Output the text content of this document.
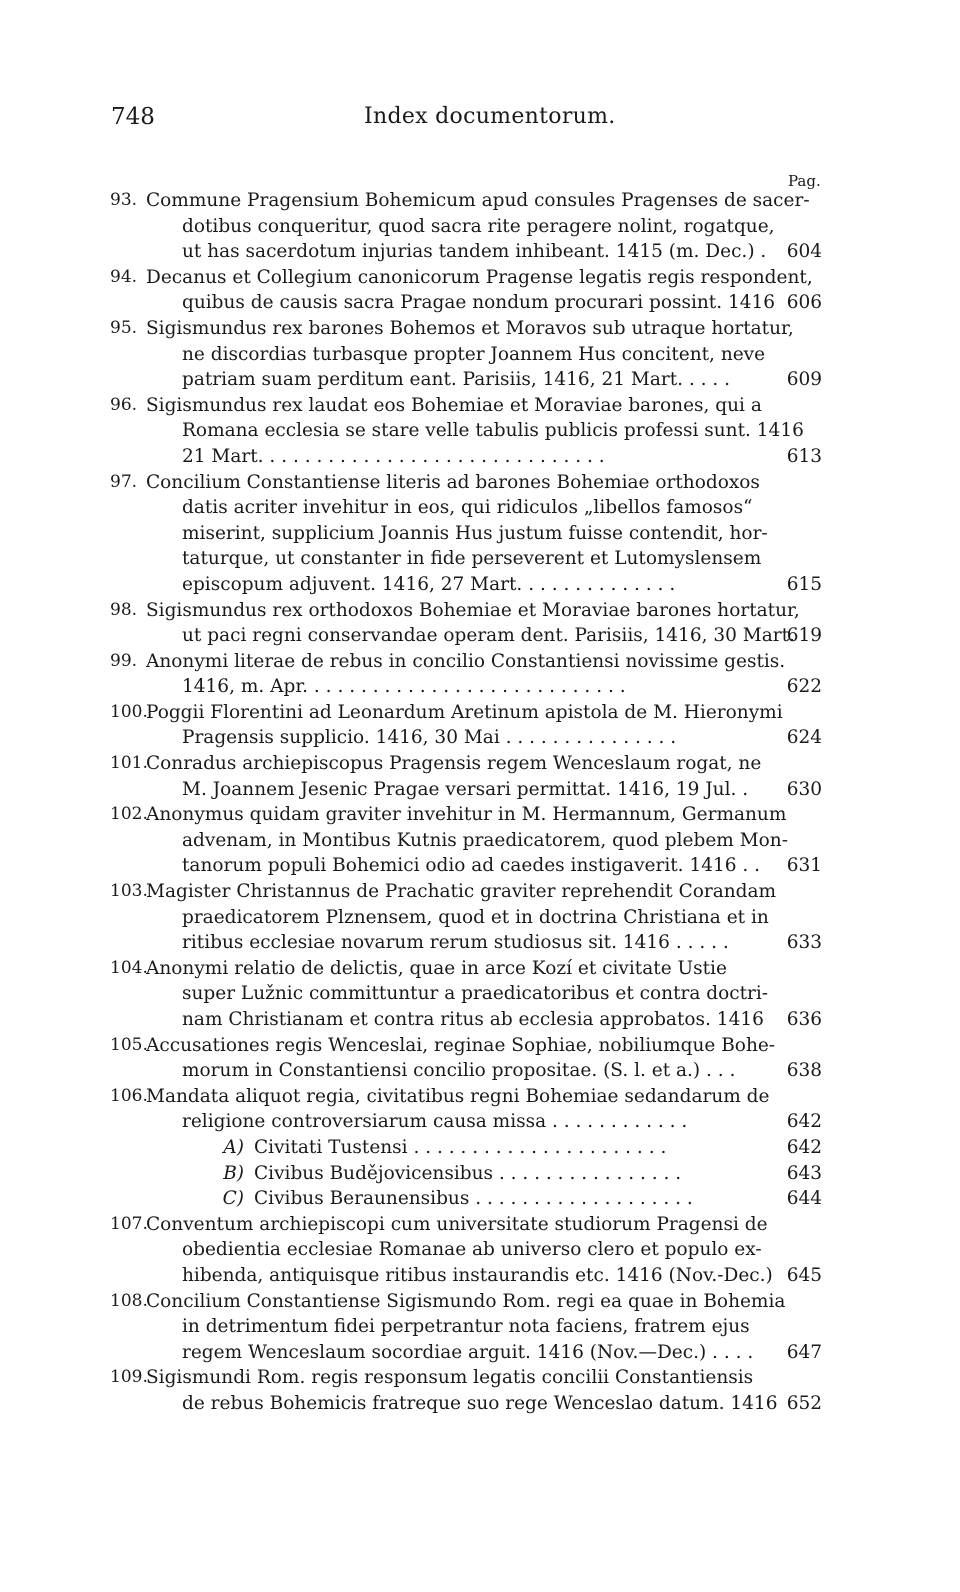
748	Index documentorum.
Pag.
93. Commune Pragensium Bohemicum apud consules Pragenses de sacer-
dotibus conqueritur, quod sacra rite peragere nolint, rogatque,
ut has sacerdotum injurias tandem inhibeant. 1415 (m. Dec.) .	604
94. Decanus et Collegium canonicorum Pragense legatis regis respondent,
quibus de causis sacra Pragae nondum procurari possint. 1416 606
95. Sigismundus rex barones Bohemos et Moravos sub utraque hortatur,
ne discordias turbasque propter Joannem Hus concitent, neve
patriam suam perditum eant. Parisiis, 1416, 21 Mart. . . . .	609
96. Sigismundus rex laudat eos Bohemiae et Moraviae barones, qui a
Romana ecclesia se stare velle tabulis publicis professi sunt. 1416
21 Mart. . . . . . . . . . . . . . . . . . . . . . . . . . . . . .	613
97. Concilium Constantiense literis ad barones Bohemiae orthodoxos
datis acriter invehitur in eos, qui ridiculos „libellos famosos“
miserint, supplicium Joannis Hus justum fuisse contendit, hor-
taturque, ut constanter in fide perseverent et Lutomyslensem
episcopum adjuvent. 1416, 27 Mart. . . . . . . . . . . . . .	615
98. Sigismundus rex orthodoxos Bohemiae et Moraviae barones hortatur,
ut paci regni conservandae operam dent. Parisiis, 1416, 30 Mart.
619
99. Anonymi literae de rebus in concilio Constantiensi novissime gestis.
1416, m. Apr. . . . . . . . . . . . . . . . . . . . . . . . . . . .	622
100.
Poggii Florentini ad Leonardum Aretinum apistola de M. Hieronymi
Pragensis supplicio. 1416, 30 Mai . . . . . . . . . . . . . . .	624
101.
Conradus archiepiscopus Pragensis regem Wenceslaum rogat, ne
M. Joannem Jesenic Pragae versari permittat. 1416, 19 Jul. .	630
102.
Anonymus quidam graviter invehitur in M. Hermannum, Germanum
advenam, in Montibus Kutnis praedicatorem, quod plebem Mon-
tanorum populi Bohemici odio ad caedes instigaverit. 1416 . .	631
103.
Magister Christannus de Prachatic graviter reprehendit Corandam
praedicatorem Plznensem, quod et in doctrina Christiana et in
ritibus ecclesiae novarum rerum studiosus sit. 1416 . . . . .	633
104.
Anonymi relatio de delictis, quae in arce Kozí et civitate Ustie
super Lužnic committuntur a praedicatoribus et contra doctri-
nam Christianam et contra ritus ab ecclesia approbatos. 1416	636
105.
Accusationes regis Wenceslai, reginae Sophiae, nobiliumque Bohe-
morum in Constantiensi concilio propositae. (S. l. et a.) . . .	638
106.
Mandata aliquot regia, civitatibus regni Bohemiae sedandarum de
religione controversiarum causa missa . . . . . . . . . . . .	642
A) Civitati Tustensi . . . . . . . . . . . . . . . . . . . . . .	642
B) Civibus Budějovicensibus . . . . . . . . . . . . . . . .	643
C) Civibus Beraunensibus . . . . . . . . . . . . . . . . . . .	644
107.
Conventum archiepiscopi cum universitate studiorum Pragensi de
obedientia ecclesiae Romanae ab universo clero et populo ex-
hibenda, antiquisque ritibus instaurandis etc. 1416 (Nov.-Dec.) 645
108.
Concilium Constantiense Sigismundo Rom. regi ea quae in Bohemia
in detrimentum fidei perpetrantur nota faciens, fratrem ejus
regem Wenceslaum socordiae arguit. 1416 (Nov.—Dec.) . . . .	647
109.
Sigismundi Rom. regis responsum legatis concilii Constantiensis
de rebus Bohemicis fratreque suo rege Wenceslao datum. 1416 652
